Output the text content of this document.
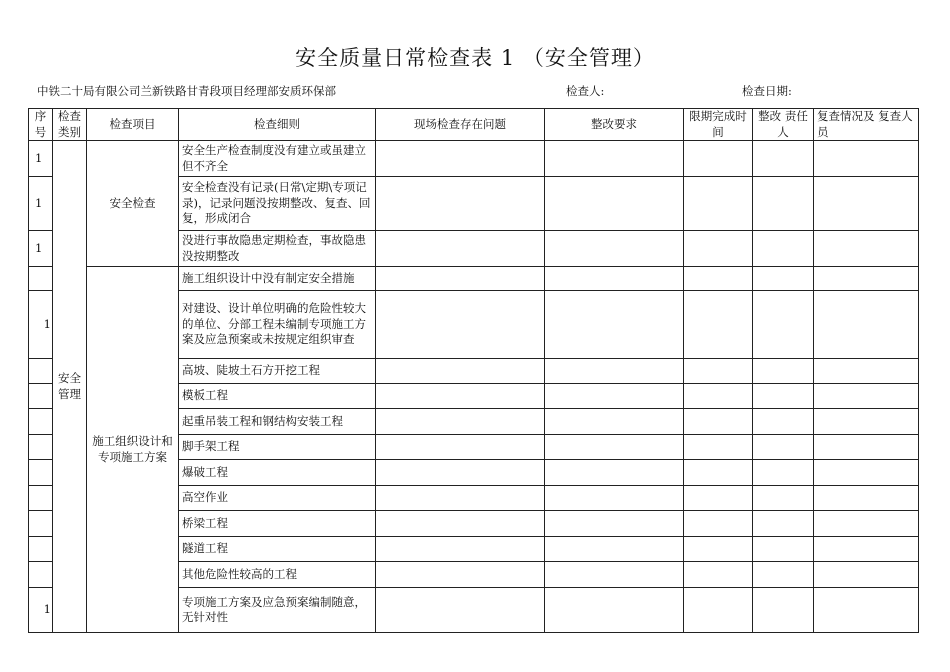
安全质量日常检查表 1 （安全管理）
中铁二十局有限公司兰新铁路甘青段项目经理部安质环保部	检查人:	检查日期:
序号	检查类别	检查项目	检查细则	现场检查存在问题	整改要求	限期完成时间	整改 责任人	复查情况及 复查人员
1	安全管理	安全检查	安全生产检查制度没有建立或虽建立但不齐全					
1			安全检查没有记录(日常\定期\专项记录)，记录问题没按期整改、复查、回复，形成闭合					
1			没进行事故隐患定期检查，事故隐患没按期整改					
		施工组织设计和专项施工方案	施工组织设计中没有制定安全措施					
1			对建设、设计单位明确的危险性较大的单位、分部工程未编制专项施工方案及应急预案或未按规定组织审查					
			高坡、陡坡土石方开挖工程					
			模板工程					
			起重吊装工程和钢结构安装工程					
			脚手架工程					
			爆破工程					
			高空作业					
			桥梁工程					
			隧道工程					
			其他危险性较高的工程					
1			专项施工方案及应急预案编制随意，无针对性					
